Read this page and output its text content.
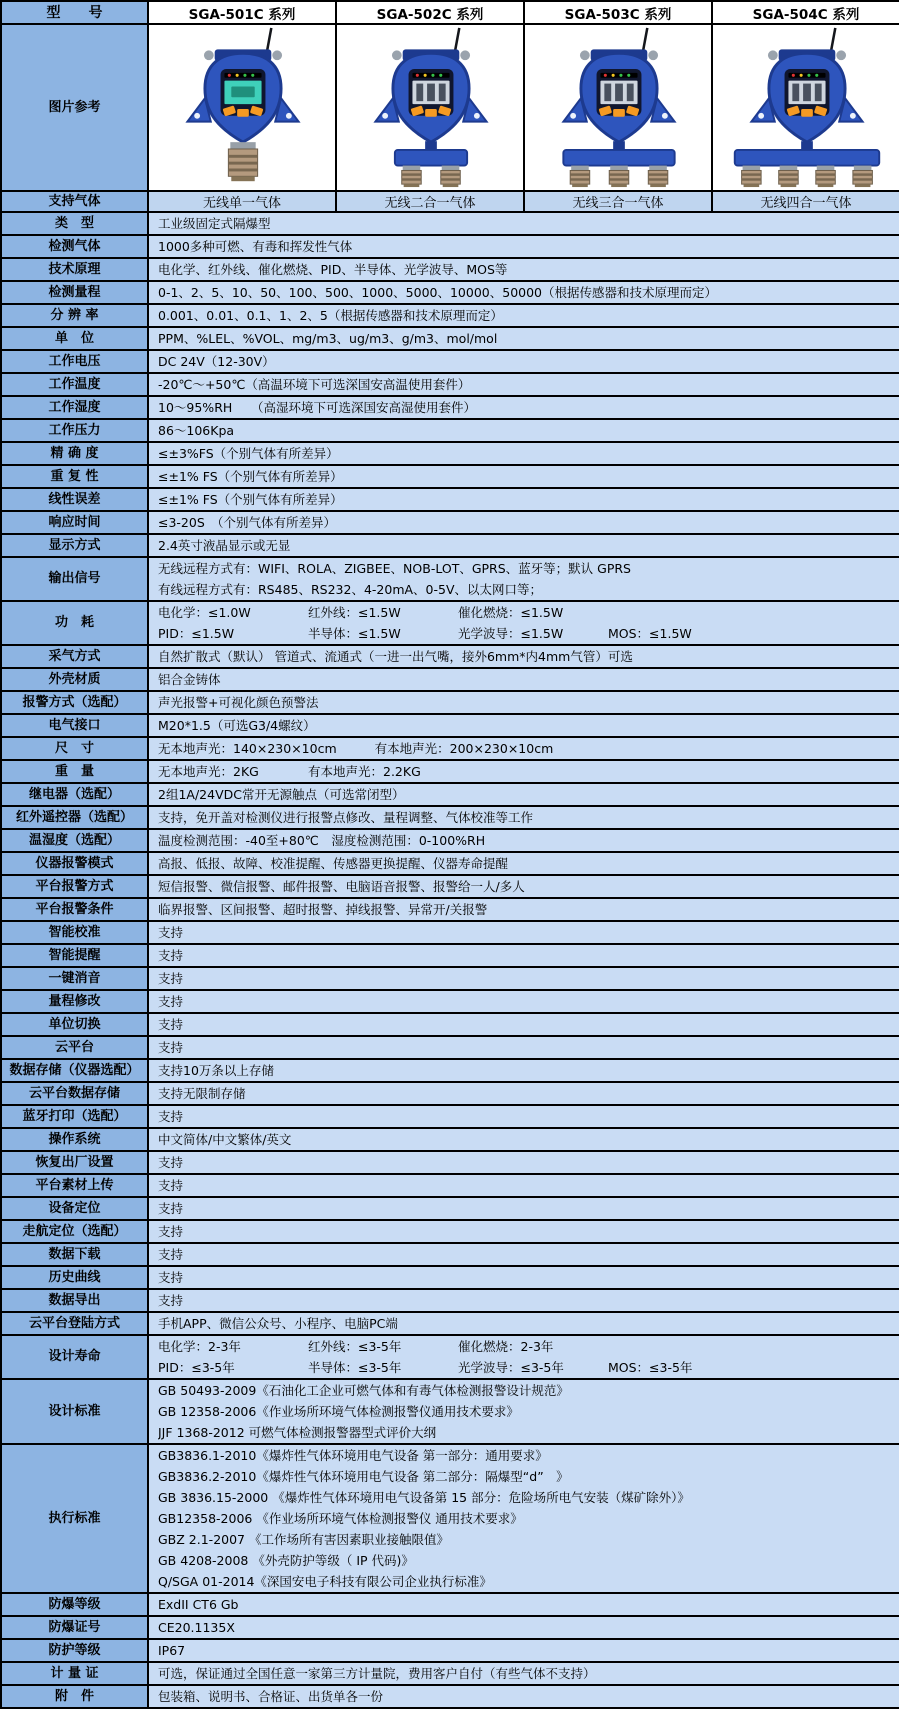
型　　号	SGA-501C 系列	SGA-502C 系列	SGA-503C 系列	SGA-504C 系列
图片参考	

支持气体	无线单一气体	无线二合一气体	无线三合一气体	无线四合一气体
类　型	工业级固定式隔爆型			
检测气体	1000多种可燃、有毒和挥发性气体			
技术原理	电化学、红外线、催化燃烧、PID、半导体、光学波导、MOS等			
检测量程	0-1、2、5、10、50、100、500、1000、5000、10000、50000（根据传感器和技术原理而定）			
分 辨 率	0.001、0.01、0.1、1、2、5（根据传感器和技术原理而定）			
单　位	PPM、%LEL、%VOL、mg/m3、ug/m3、g/m3、mol/mol			
工作电压	DC 24V（12-30V）			
工作温度	-20℃～+50℃（高温环境下可选深国安高温使用套件）			
工作湿度	10～95%RH　　（高湿环境下可选深国安高湿使用套件）			
工作压力	86～106Kpa			
精 确 度	≤±3%FS（个别气体有所差异）			
重 复 性	≤±1% FS（个别气体有所差异）			
线性误差	≤±1% FS（个别气体有所差异）			
响应时间	≤3-20S　（个别气体有所差异）			
显示方式	2.4英寸液晶显示或无显			
输出信号	无线远程方式有：WIFI、ROLA、ZIGBEE、NOB-LOT、GPRS、蓝牙等；默认 GPRS
有线远程方式有：RS485、RS232、4-20mA、0-5V、以太网口等；			

功　耗	电化学：≤1.0W 红外线：≤1.5W 催化燃烧：≤1.5W
PID：≤1.5W 半导体：≤1.5W 光学波导：≤1.5W MOS：≤1.5W			

采气方式	自然扩散式（默认） 管道式、流通式（一进一出气嘴，接外6mm*内4mm气管）可选			
外壳材质	铝合金铸体			
报警方式（选配）	声光报警+可视化颜色预警法			
电气接口	M20*1.5（可选G3/4螺纹）			
尺　寸	无本地声光：140×230×10cm 有本地声光：200×230×10cm			

重　量	无本地声光：2KG 有本地声光：2.2KG			

继电器（选配）	2组1A/24VDC常开无源触点（可选常闭型）			
红外遥控器（选配）	支持，免开盖对检测仪进行报警点修改、量程调整、气体校准等工作			
温湿度（选配）	温度检测范围：-40至+80℃　湿度检测范围：0-100%RH			
仪器报警模式	高报、低报、故障、校准提醒、传感器更换提醒、仪器寿命提醒			
平台报警方式	短信报警、微信报警、邮件报警、电脑语音报警、报警给一人/多人			
平台报警条件	临界报警、区间报警、超时报警、掉线报警、异常开/关报警			
智能校准	支持			
智能提醒	支持			
一键消音	支持			
量程修改	支持			
单位切换	支持			
云平台	支持			
数据存储（仪器选配）	支持10万条以上存储			
云平台数据存储	支持无限制存储			
蓝牙打印（选配）	支持			
操作系统	中文简体/中文繁体/英文			
恢复出厂设置	支持			
平台素材上传	支持			
设备定位	支持			
走航定位（选配）	支持			
数据下载	支持			
历史曲线	支持			
数据导出	支持			
云平台登陆方式	手机APP、微信公众号、小程序、电脑PC端			
设计寿命	电化学：2-3年 红外线：≤3-5年 催化燃烧：2-3年
PID：≤3-5年 半导体：≤3-5年 光学波导：≤3-5年 MOS：≤3-5年			

设计标准	GB 50493-2009《石油化工企业可燃气体和有毒气体检测报警设计规范》
GB 12358-2006《作业场所环境气体检测报警仪通用技术要求》
JJF 1368-2012 可燃气体检测报警器型式评价大纲			

执行标准	
GB3836.1-2010《爆炸性气体环境用电气设备 第一部分：通用要求》
GB3836.2-2010《爆炸性气体环境用电气设备 第二部分：隔爆型“d”　》
GB 3836.15-2000 《爆炸性气体环境用电气设备第 15 部分：危险场所电气安装（煤矿除外）》
GB12358-2006 《作业场所环境气体检测报警仪 通用技术要求》
GBZ 2.1-2007 《工作场所有害因素职业接触限值》
GB 4208-2008 《外壳防护等级（ IP 代码)》
Q/SGA 01-2014《深国安电子科技有限公司企业执行标准》

防爆等级	ExdII CT6 Gb			
防爆证号	CE20.1135X			
防护等级	IP67			
计 量 证	可选，保证通过全国任意一家第三方计量院，费用客户自付（有些气体不支持）			
附　件	包装箱、说明书、合格证、出货单各一份			
